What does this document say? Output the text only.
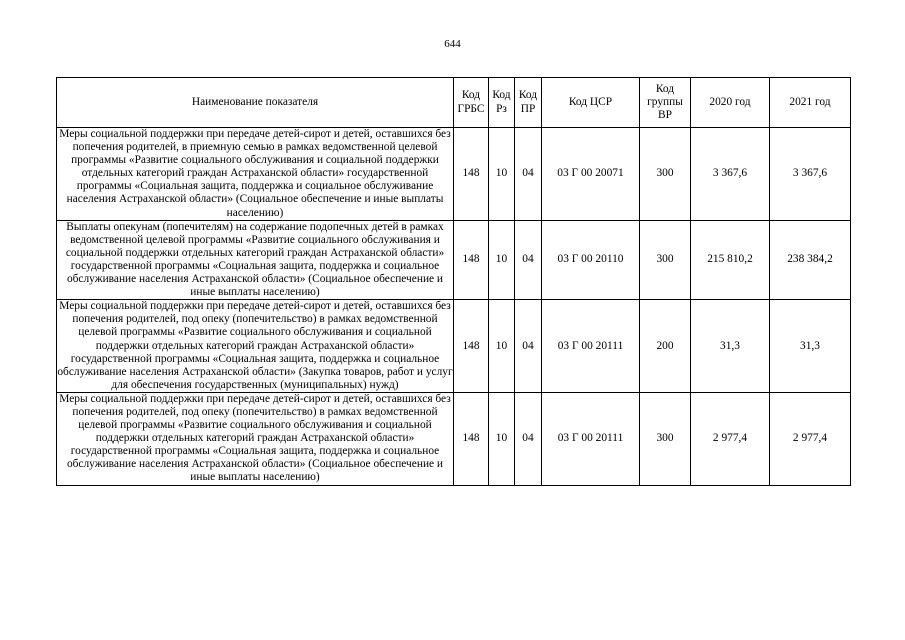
644
Наименование показателя	Код ГРБС	Код Рз	Код ПР	Код ЦСР	Код группы ВР	2020 год	2021 год
Меры социальной поддержки при передаче детей-сирот и детей, оставшихся без попечения родителей, в приемную семью в рамках ведомственной целевой программы «Развитие социального обслуживания и социальной поддержки отдельных категорий граждан Астраханской области» государственной программы «Социальная защита, поддержка и социальное обслуживание населения Астраханской области» (Социальное обеспечение и иные выплаты населению)	148	10	04	03 Г 00 20071	300	3 367,6	3 367,6
Выплаты опекунам (попечителям) на содержание подопечных детей в рамках ведомственной целевой программы «Развитие социального обслуживания и социальной поддержки отдельных категорий граждан Астраханской области» государственной программы «Социальная защита, поддержка и социальное обслуживание населения Астраханской области» (Социальное обеспечение и иные выплаты населению)	148	10	04	03 Г 00 20110	300	215 810,2	238 384,2
Меры социальной поддержки при передаче детей-сирот и детей, оставшихся без попечения родителей, под опеку (попечительство) в рамках ведомственной целевой программы «Развитие социального обслуживания и социальной поддержки отдельных категорий граждан Астраханской области» государственной программы «Социальная защита, поддержка и социальное обслуживание населения Астраханской области» (Закупка товаров, работ и услуг для обеспечения государственных (муниципальных) нужд)	148	10	04	03 Г 00 20111	200	31,3	31,3
Меры социальной поддержки при передаче детей-сирот и детей, оставшихся без попечения родителей, под опеку (попечительство) в рамках ведомственной целевой программы «Развитие социального обслуживания и социальной поддержки отдельных категорий граждан Астраханской области» государственной программы «Социальная защита, поддержка и социальное обслуживание населения Астраханской области» (Социальное обеспечение и иные выплаты населению)	148	10	04	03 Г 00 20111	300	2 977,4	2 977,4
